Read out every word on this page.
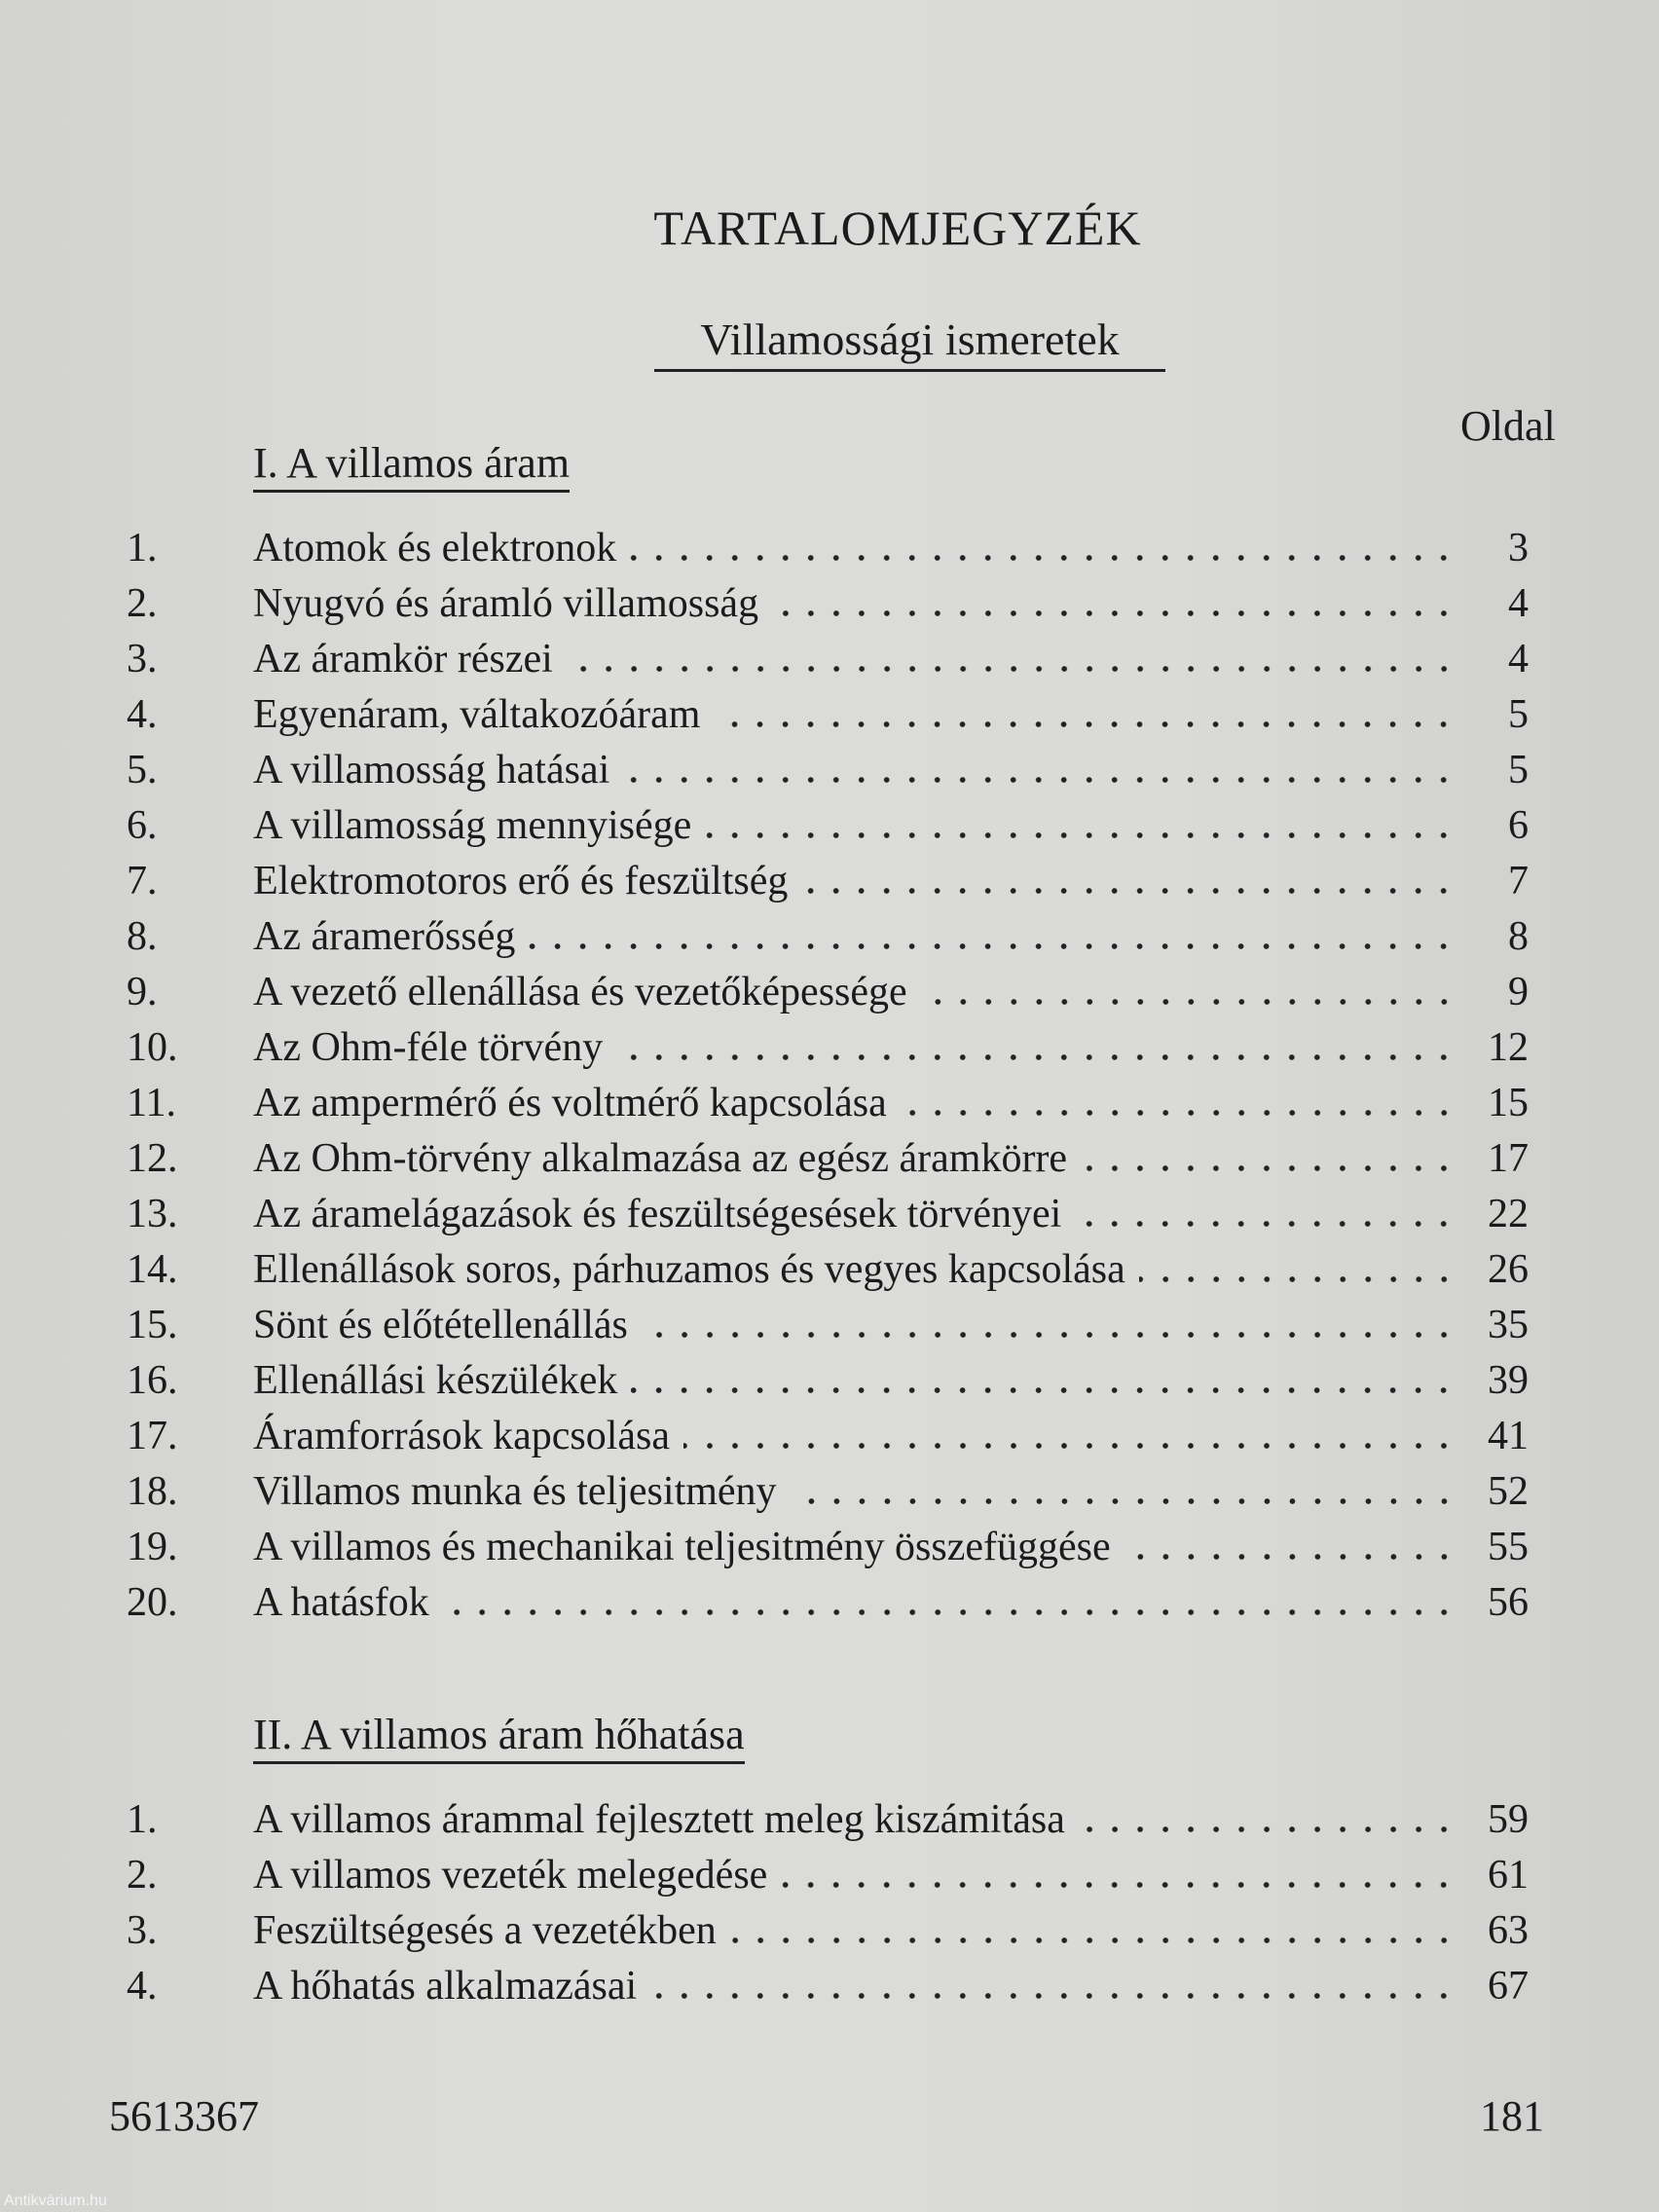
TARTALOMJEGYZÉK
Villamossági ismeretek
Oldal
I. A villamos áram
1.	Atomok és elektronok	3
2.	Nyugvó és áramló villamosság	4
3.	Az áramkör részei	4
4.	Egyenáram, váltakozóáram	5
5.	A villamosság hatásai	5
6.	A villamosság mennyisége	6
7.	Elektromotoros erő és feszültség	7
8.	Az áramerősség	8
9.	A vezető ellenállása és vezetőképessége	9
10.	Az Ohm-féle törvény	12
11.	Az ampermérő és voltmérő kapcsolása	15
12.	Az Ohm-törvény alkalmazása az egész áramkörre	17
13.	Az áramelágazások és feszültségesések törvényei	22
14.	Ellenállások soros, párhuzamos és vegyes kapcsolása	26
15.	Sönt és előtétellenállás	35
16.	Ellenállási készülékek	39
17.	Áramforrások kapcsolása	41
18.	Villamos munka és teljesitmény	52
19.	A villamos és mechanikai teljesitmény összefüggése	55
20.	A hatásfok	56
II. A villamos áram hőhatása
1.	A villamos árammal fejlesztett meleg kiszámitása	59
2.	A villamos vezeték melegedése	61
3.	Feszültségesés a vezetékben	63
4.	A hőhatás alkalmazásai	67
5613367	181
Antikvárium.hu
